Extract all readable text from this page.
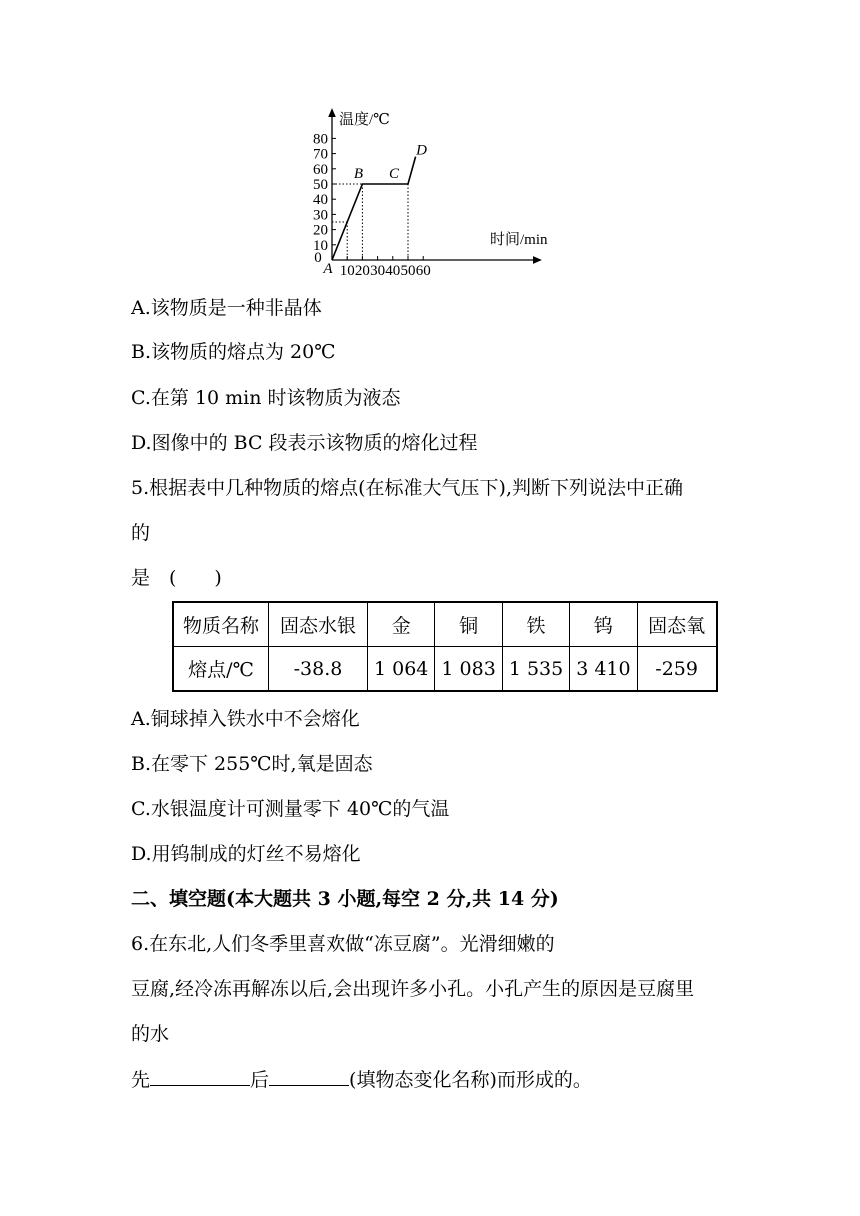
10
20
30
40
50
60
70
80
10 20 30 40 50 60
0
A
B C
D
温度/℃
时间/min
A.该物质是一种非晶体
B.该物质的熔点为 20℃
C.在第 10 min 时该物质为液态
D.图像中的 BC 段表示该物质的熔化过程
5.根据表中几种物质的熔点(在标准大气压下),判断下列说法中正确
的
是　(　　)
物质名称	固态水银	金	铜	铁	钨	固态氧
熔点/℃	-38.8	1 064	1 083	1 535	3 410	-259
A.铜球掉入铁水中不会熔化
B.在零下 255℃时,氧是固态
C.水银温度计可测量零下 40℃的气温
D.用钨制成的灯丝不易熔化
二、填空题(本大题共 3 小题,每空 2 分,共 14 分)
6.在东北,人们冬季里喜欢做“冻豆腐”。光滑细嫩的
豆腐,经冷冻再解冻以后,会出现许多小孔。小孔产生的原因是豆腐里
的水
先	后	(填物态变化名称)而形成的。
